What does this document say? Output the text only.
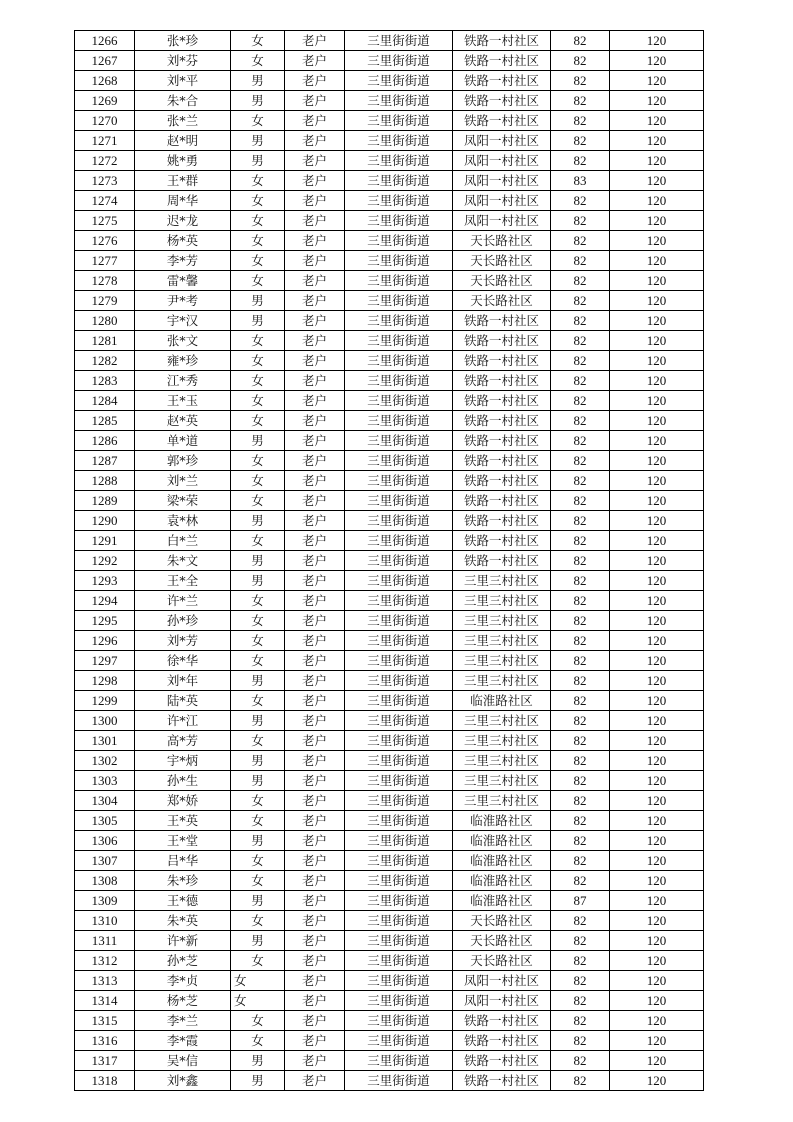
1266	张*珍	女	老户	三里街街道	铁路一村社区	82	120
1267	刘*芬	女	老户	三里街街道	铁路一村社区	82	120
1268	刘*平	男	老户	三里街街道	铁路一村社区	82	120
1269	朱*合	男	老户	三里街街道	铁路一村社区	82	120
1270	张*兰	女	老户	三里街街道	铁路一村社区	82	120
1271	赵*明	男	老户	三里街街道	凤阳一村社区	82	120
1272	姚*勇	男	老户	三里街街道	凤阳一村社区	82	120
1273	王*群	女	老户	三里街街道	凤阳一村社区	83	120
1274	周*华	女	老户	三里街街道	凤阳一村社区	82	120
1275	迟*龙	女	老户	三里街街道	凤阳一村社区	82	120
1276	杨*英	女	老户	三里街街道	天长路社区	82	120
1277	李*芳	女	老户	三里街街道	天长路社区	82	120
1278	雷*馨	女	老户	三里街街道	天长路社区	82	120
1279	尹*考	男	老户	三里街街道	天长路社区	82	120
1280	宇*汉	男	老户	三里街街道	铁路一村社区	82	120
1281	张*文	女	老户	三里街街道	铁路一村社区	82	120
1282	雍*珍	女	老户	三里街街道	铁路一村社区	82	120
1283	江*秀	女	老户	三里街街道	铁路一村社区	82	120
1284	王*玉	女	老户	三里街街道	铁路一村社区	82	120
1285	赵*英	女	老户	三里街街道	铁路一村社区	82	120
1286	单*道	男	老户	三里街街道	铁路一村社区	82	120
1287	郭*珍	女	老户	三里街街道	铁路一村社区	82	120
1288	刘*兰	女	老户	三里街街道	铁路一村社区	82	120
1289	梁*荣	女	老户	三里街街道	铁路一村社区	82	120
1290	袁*林	男	老户	三里街街道	铁路一村社区	82	120
1291	白*兰	女	老户	三里街街道	铁路一村社区	82	120
1292	朱*文	男	老户	三里街街道	铁路一村社区	82	120
1293	王*全	男	老户	三里街街道	三里三村社区	82	120
1294	许*兰	女	老户	三里街街道	三里三村社区	82	120
1295	孙*珍	女	老户	三里街街道	三里三村社区	82	120
1296	刘*芳	女	老户	三里街街道	三里三村社区	82	120
1297	徐*华	女	老户	三里街街道	三里三村社区	82	120
1298	刘*年	男	老户	三里街街道	三里三村社区	82	120
1299	陆*英	女	老户	三里街街道	临淮路社区	82	120
1300	许*江	男	老户	三里街街道	三里三村社区	82	120
1301	高*芳	女	老户	三里街街道	三里三村社区	82	120
1302	宇*炳	男	老户	三里街街道	三里三村社区	82	120
1303	孙*生	男	老户	三里街街道	三里三村社区	82	120
1304	郑*娇	女	老户	三里街街道	三里三村社区	82	120
1305	王*英	女	老户	三里街街道	临淮路社区	82	120
1306	王*堂	男	老户	三里街街道	临淮路社区	82	120
1307	吕*华	女	老户	三里街街道	临淮路社区	82	120
1308	朱*珍	女	老户	三里街街道	临淮路社区	82	120
1309	王*德	男	老户	三里街街道	临淮路社区	87	120
1310	朱*英	女	老户	三里街街道	天长路社区	82	120
1311	许*新	男	老户	三里街街道	天长路社区	82	120
1312	孙*芝	女	老户	三里街街道	天长路社区	82	120
1313	李*贞	女	老户	三里街街道	凤阳一村社区	82	120
1314	杨*芝	女	老户	三里街街道	凤阳一村社区	82	120
1315	李*兰	女	老户	三里街街道	铁路一村社区	82	120
1316	李*霞	女	老户	三里街街道	铁路一村社区	82	120
1317	吴*信	男	老户	三里街街道	铁路一村社区	82	120
1318	刘*鑫	男	老户	三里街街道	铁路一村社区	82	120
